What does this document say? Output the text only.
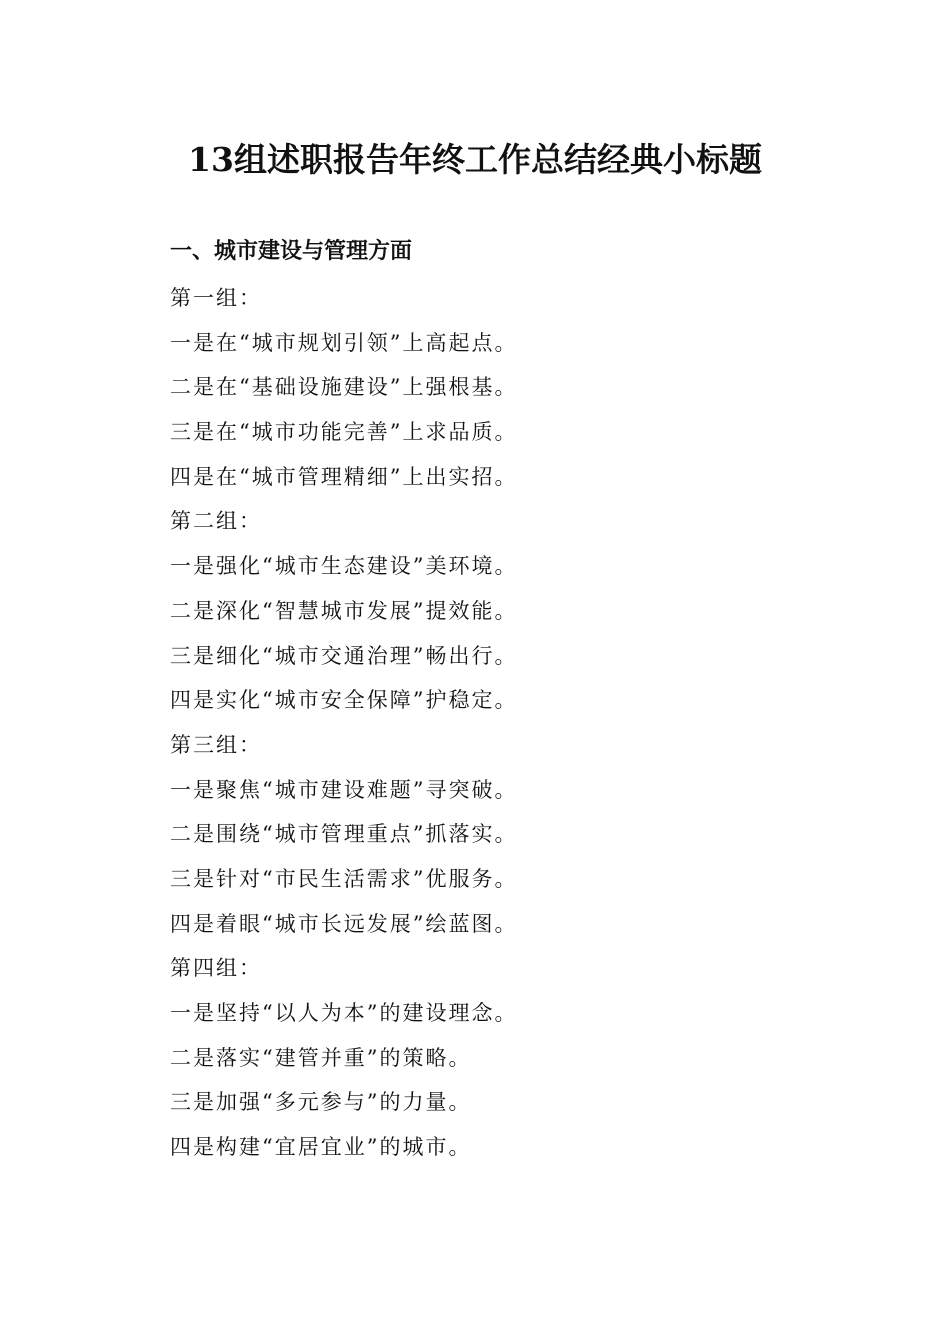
13组述职报告年终工作总结经典小标题
一、城市建设与管理方面
第一组：
一是在“城市规划引领”上高起点。
二是在“基础设施建设”上强根基。
三是在“城市功能完善”上求品质。
四是在“城市管理精细”上出实招。
第二组：
一是强化“城市生态建设”美环境。
二是深化“智慧城市发展”提效能。
三是细化“城市交通治理”畅出行。
四是实化“城市安全保障”护稳定。
第三组：
一是聚焦“城市建设难题”寻突破。
二是围绕“城市管理重点”抓落实。
三是针对“市民生活需求”优服务。
四是着眼“城市长远发展”绘蓝图。
第四组：
一是坚持“以人为本”的建设理念。
二是落实“建管并重”的策略。
三是加强“多元参与”的力量。
四是构建“宜居宜业”的城市。
